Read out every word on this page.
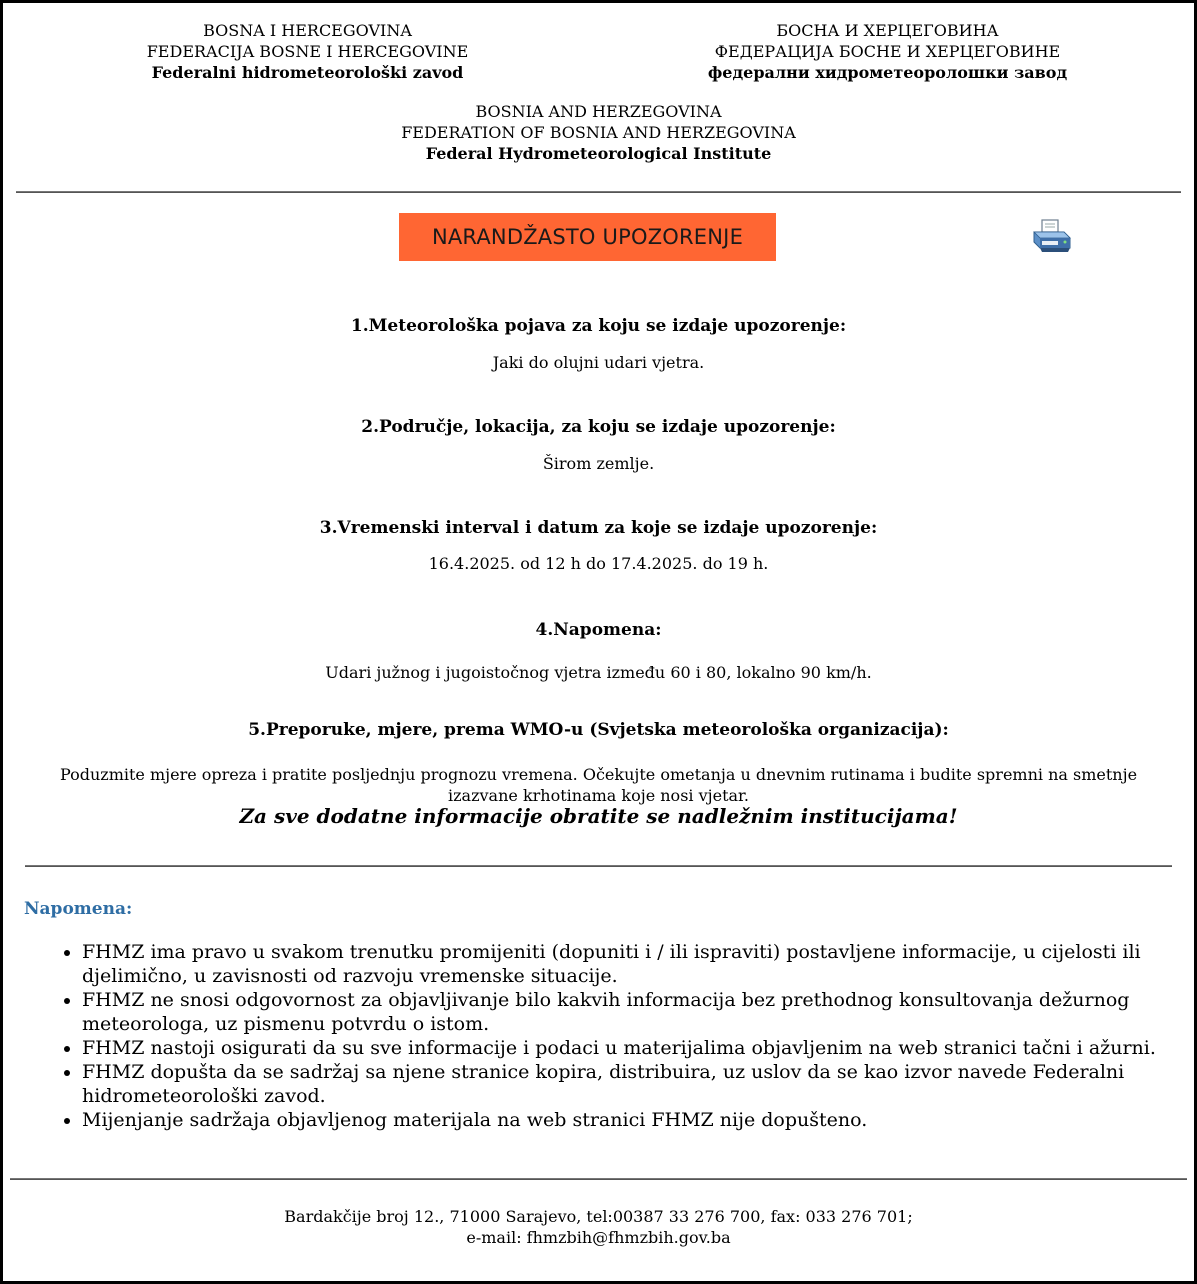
BOSNA I HERCEGOVINA
FEDERACIJA BOSNE I HERCEGOVINE
Federalni hidrometeorološki zavod
БОСНА И ХЕРЦЕГОВИНА
ФЕДЕРАЦИЈА БОСНЕ И ХЕРЦЕГОВИНЕ
федерални хидрометеоролошки завод
BOSNIA AND HERZEGOVINA
FEDERATION OF BOSNIA AND HERZEGOVINA
Federal Hydrometeorological Institute
NARANDŽASTO UPOZORENJE
1.Meteorološka pojava za koju se izdaje upozorenje:
Jaki do olujni udari vjetra.
2.Područje, lokacija, za koju se izdaje upozorenje:
Širom zemlje.
3.Vremenski interval i datum za koje se izdaje upozorenje:
16.4.2025. od 12 h do 17.4.2025. do 19 h.
4.Napomena:
Udari južnog i jugoistočnog vjetra između 60 i 80, lokalno 90 km/h.
5.Preporuke, mjere, prema WMO-u (Svjetska meteorološka organizacija):
Poduzmite mjere opreza i pratite posljednju prognozu vremena. Očekujte ometanja u dnevnim rutinama i budite spremni na smetnje izazvane krhotinama koje nosi vjetar.
Za sve dodatne informacije obratite se nadležnim institucijama!
Napomena:
• FHMZ ima pravo u svakom trenutku promijeniti (dopuniti i / ili ispraviti) postavljene informacije, u cijelosti ili djelimično, u zavisnosti od razvoju vremenske situacije.
• FHMZ ne snosi odgovornost za objavljivanje bilo kakvih informacija bez prethodnog konsultovanja dežurnog meteorologa, uz pismenu potvrdu o istom.
• FHMZ nastoji osigurati da su sve informacije i podaci u materijalima objavljenim na web stranici tačni i ažurni.
• FHMZ dopušta da se sadržaj sa njene stranice kopira, distribuira, uz uslov da se kao izvor navede Federalni hidrometeorološki zavod.
• Mijenjanje sadržaja objavljenog materijala na web stranici FHMZ nije dopušteno.
Bardakčije broj 12., 71000 Sarajevo, tel:00387 33 276 700, fax: 033 276 701;
e-mail: fhmzbih@fhmzbih.gov.ba
